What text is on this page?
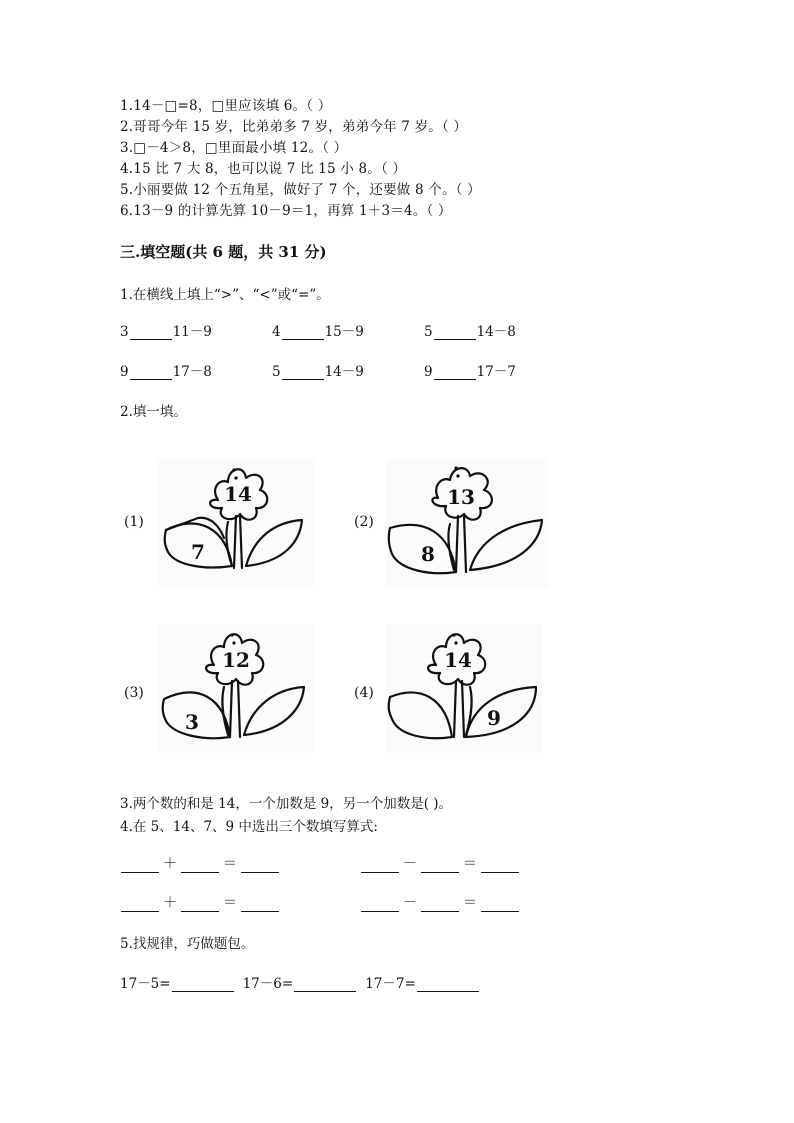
1.14－□=8，□里应该填 6。（ ）
2.哥哥今年 15 岁，比弟弟多 7 岁，弟弟今年 7 岁。（ ）
3.□－4＞8，□里面最小填 12。（ ）
4.15 比 7 大 8，也可以说 7 比 15 小 8。（ ）
5.小丽要做 12 个五角星，做好了 7 个，还要做 8 个。（ ）
6.13－9 的计算先算 10－9＝1，再算 1＋3＝4。（ ）
三.填空题(共 6 题，共 31 分)
1.在横线上填上“>”、“<”或“=”。
3	11－9	4	15－9	5	14－8
9	17－8	5	14－9	9	17－7
2.填一填。
(1)
14
7
(2)
13
8
(3)
12
3
(4)
14
9
3.两个数的和是 14，一个加数是 9，另一个加数是( )。
4.在 5、14、7、9 中选出三个数填写算式:
＋	＝	－	＝
＋	＝	－	＝
5.找规律，巧做题包。
17－5=	17－6=	17－7=
